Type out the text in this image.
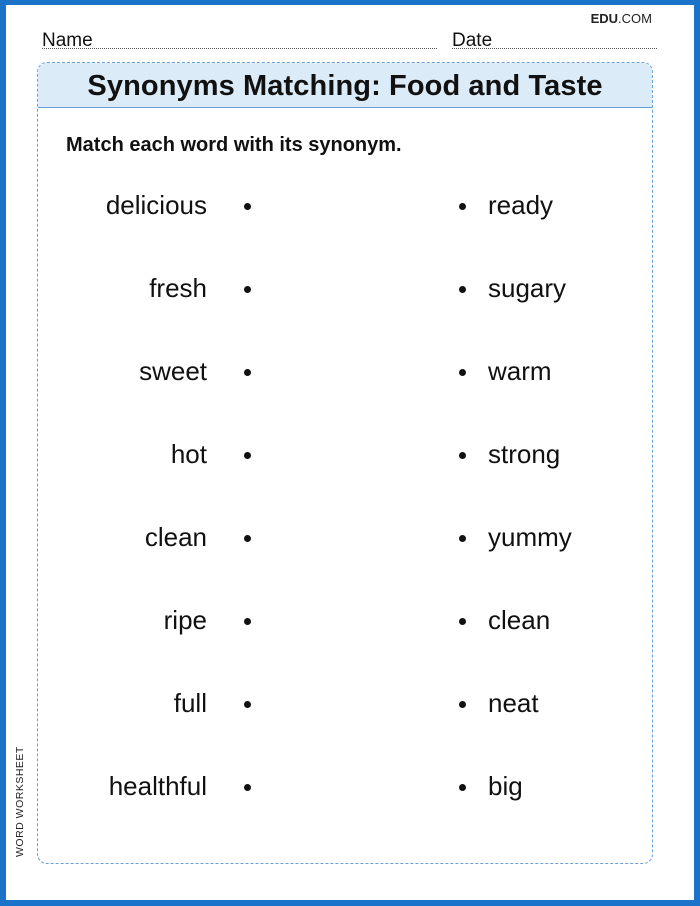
EDU.COM
Name	Date
Synonyms Matching: Food and Taste
Match each word with its synonym.
delicious	ready
fresh	sugary
sweet	warm
hot	strong
clean	yummy
ripe	clean
full	neat
healthful	big
WORD WORKSHEET
